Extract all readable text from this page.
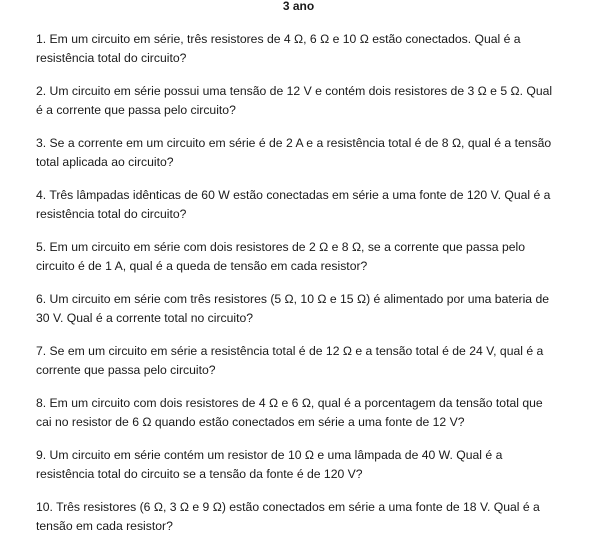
3 ano
1. Em um circuito em série, três resistores de 4 Ω, 6 Ω e 10 Ω estão conectados. Qual é a resistência total do circuito?
2. Um circuito em série possui uma tensão de 12 V e contém dois resistores de 3 Ω e 5 Ω. Qual é a corrente que passa pelo circuito?
3. Se a corrente em um circuito em série é de 2 A e a resistência total é de 8 Ω, qual é a tensão total aplicada ao circuito?
4. Três lâmpadas idênticas de 60 W estão conectadas em série a uma fonte de 120 V. Qual é a resistência total do circuito?
5. Em um circuito em série com dois resistores de 2 Ω e 8 Ω, se a corrente que passa pelo circuito é de 1 A, qual é a queda de tensão em cada resistor?
6. Um circuito em série com três resistores (5 Ω, 10 Ω e 15 Ω) é alimentado por uma bateria de 30 V. Qual é a corrente total no circuito?
7. Se em um circuito em série a resistência total é de 12 Ω e a tensão total é de 24 V, qual é a corrente que passa pelo circuito?
8. Em um circuito com dois resistores de 4 Ω e 6 Ω, qual é a porcentagem da tensão total que cai no resistor de 6 Ω quando estão conectados em série a uma fonte de 12 V?
9. Um circuito em série contém um resistor de 10 Ω e uma lâmpada de 40 W. Qual é a resistência total do circuito se a tensão da fonte é de 120 V?
10. Três resistores (6 Ω, 3 Ω e 9 Ω) estão conectados em série a uma fonte de 18 V. Qual é a tensão em cada resistor?
